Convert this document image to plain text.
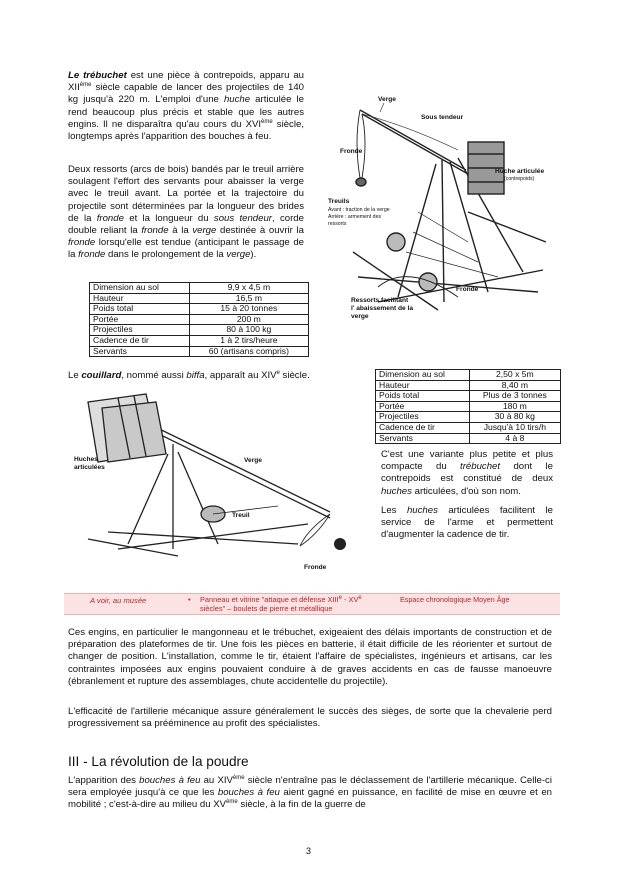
Le trébuchet est une pièce à contrepoids, apparu au XIIème siècle capable de lancer des projectiles de 140 kg jusqu'à 220 m. L'emploi d'une huche articulée le rend beaucoup plus précis et stable que les autres engins. Il ne disparaîtra qu'au cours du XVIème siècle, longtemps après l'apparition des bouches à feu.
Deux ressorts (arcs de bois) bandés par le treuil arrière soulagent l'effort des servants pour abaisser la verge avec le treuil avant. La portée et la trajectoire du projectile sont déterminées par la longueur des brides de la fronde et la longueur du sous tendeur, corde double reliant la fronde à la verge destinée à ouvrir la fronde lorsqu'elle est tendue (anticipant le passage de la fronde dans le prolongement de la verge).
Dimension au sol	9,9 x 4,5 m
Hauteur	16,5 m
Poids total	15 à 20 tonnes
Portée	200 m
Projectiles	80 à 100 kg
Cadence de tir	1 à 2 tirs/heure
Servants	60 (artisans compris)
Verge
Sous tendeur
Fronde
Huche articulée
(contrepoids)
Treuils
Avant : traction de la verge
Arrière : armement des
ressorts
Fronde
Ressorts facilitant
l' abaissement de la
verge
Le couillard, nommé aussi biffa, apparaît au XIVe siècle.	Dimension au sol	2,50 x 5m
Hauteur	8,40 m
Poids total	Plus de 3 tonnes
Portée	180 m
Projectiles	30 à 80 kg
Cadence de tir	Jusqu'à 10 tirs/h
Servants	4 à 8
Huches
articulées
Verge
Treuil
Fronde
C'est une variante plus petite et plus compacte du trébuchet dont le contrepoids est constitué de deux huches articulées, d'où son nom.
Les huches articulées facilitent le service de l'arme et permettent d'augmenter la cadence de tir.
A voir, au musée	• Panneau et vitrine "attaque et défense XIIIe - XVe siècles" – boulets de pierre et métallique
Espace chronologique Moyen Âge
Ces engins, en particulier le mangonneau et le trébuchet, exigeaient des délais importants de construction et de préparation des plateformes de tir. Une fois les pièces en batterie, il était difficile de les réorienter et surtout de changer de position. L'installation, comme le tir, étaient l'affaire de spécialistes, ingénieurs et artisans, car les contraintes imposées aux engins pouvaient conduire à de graves accidents en cas de fausse manoeuvre (ébranlement et rupture des assemblages, chute accidentelle du projectile).
L'efficacité de l'artillerie mécanique assure généralement le succès des sièges, de sorte que la chevalerie perd progressivement sa prééminence au profit des spécialistes.
III - La révolution de la poudre
L'apparition des bouches à feu au XIVème siècle n'entraîne pas le déclassement de l'artillerie mécanique. Celle-ci sera employée jusqu'à ce que les bouches à feu aient gagné en puissance, en facilité de mise en œuvre et en mobilité ; c'est-à-dire au milieu du XVème siècle, à la fin de la guerre de
3
